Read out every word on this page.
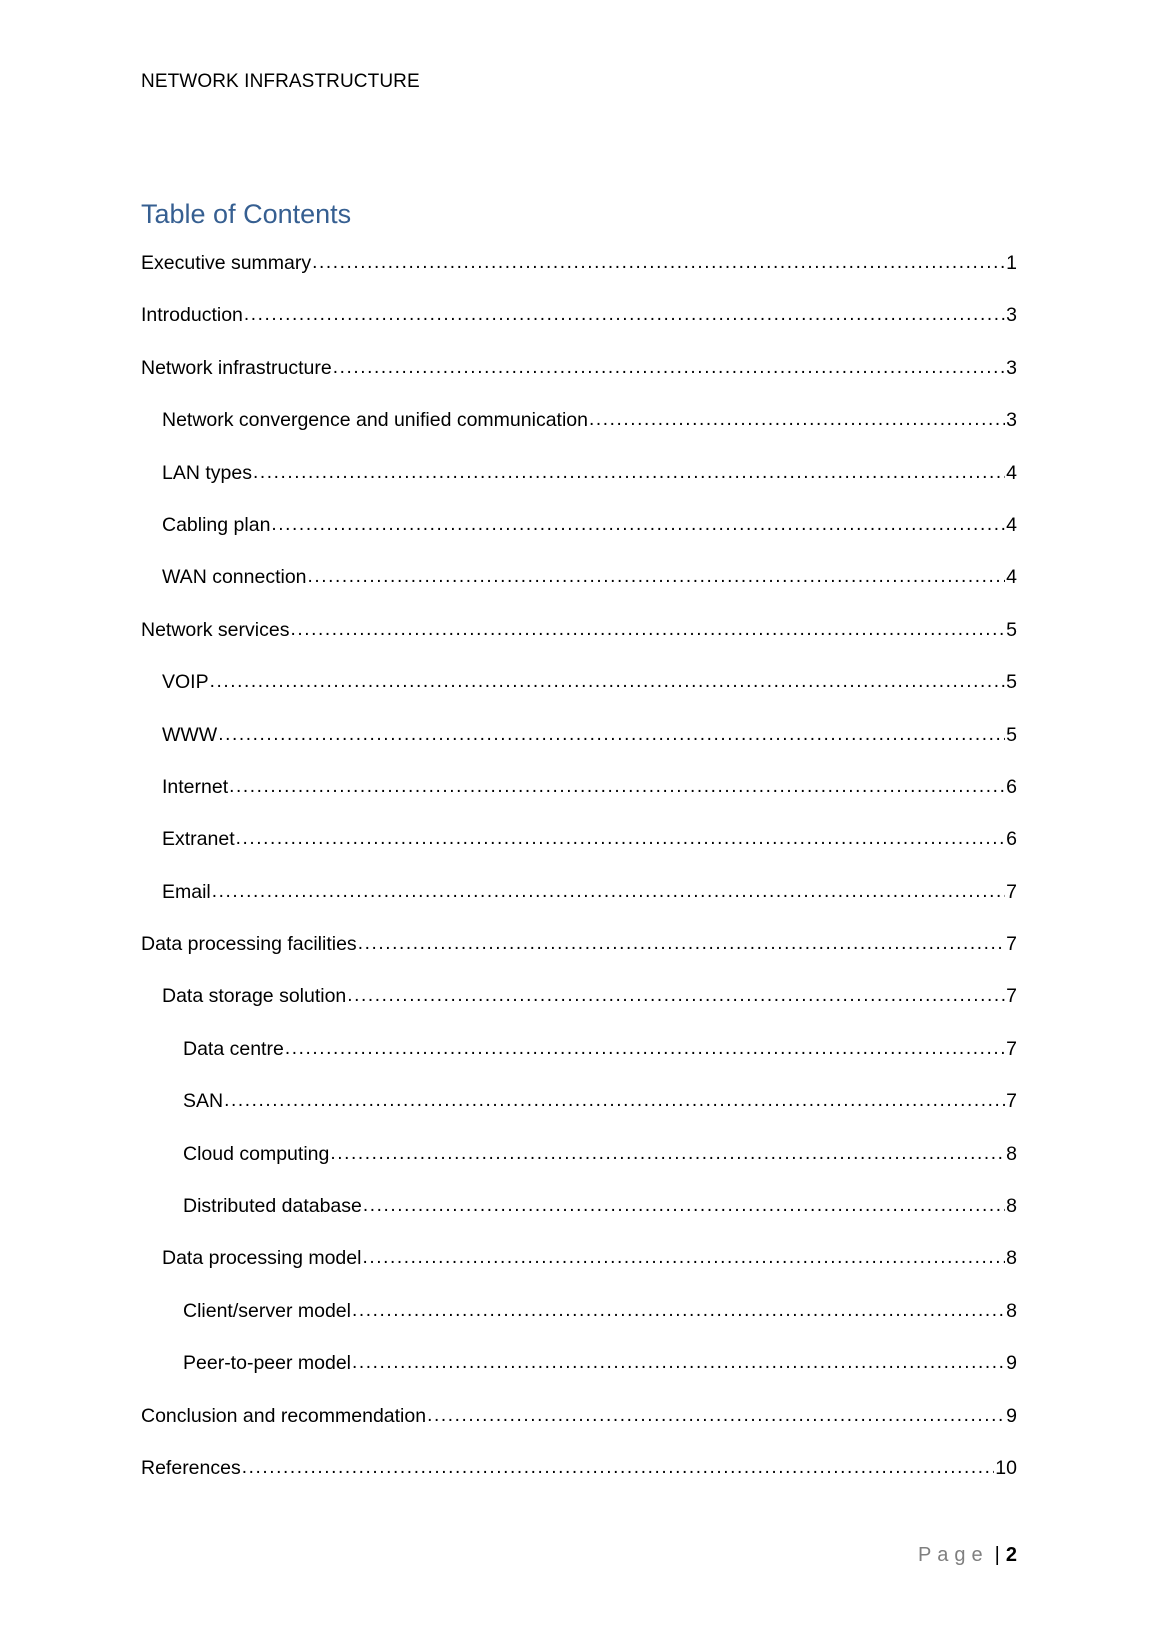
NETWORK INFRASTRUCTURE
Table of Contents
Executive summary .....	1
Introduction .....	3
Network infrastructure .....	3
Network convergence and unified communication .....	3
LAN types .....	4
Cabling plan .....	4
WAN connection .....	4
Network services .....	5
VOIP .....	5
WWW .....	5
Internet .....	6
Extranet .....	6
Email .....	7
Data processing facilities .....	7
Data storage solution .....	7
Data centre .....	7
SAN .....	7
Cloud computing .....	8
Distributed database .....	8
Data processing model .....	8
Client/server model .....	8
Peer-to-peer model .....	9
Conclusion and recommendation .....	9
References .....	10
Page | 2
